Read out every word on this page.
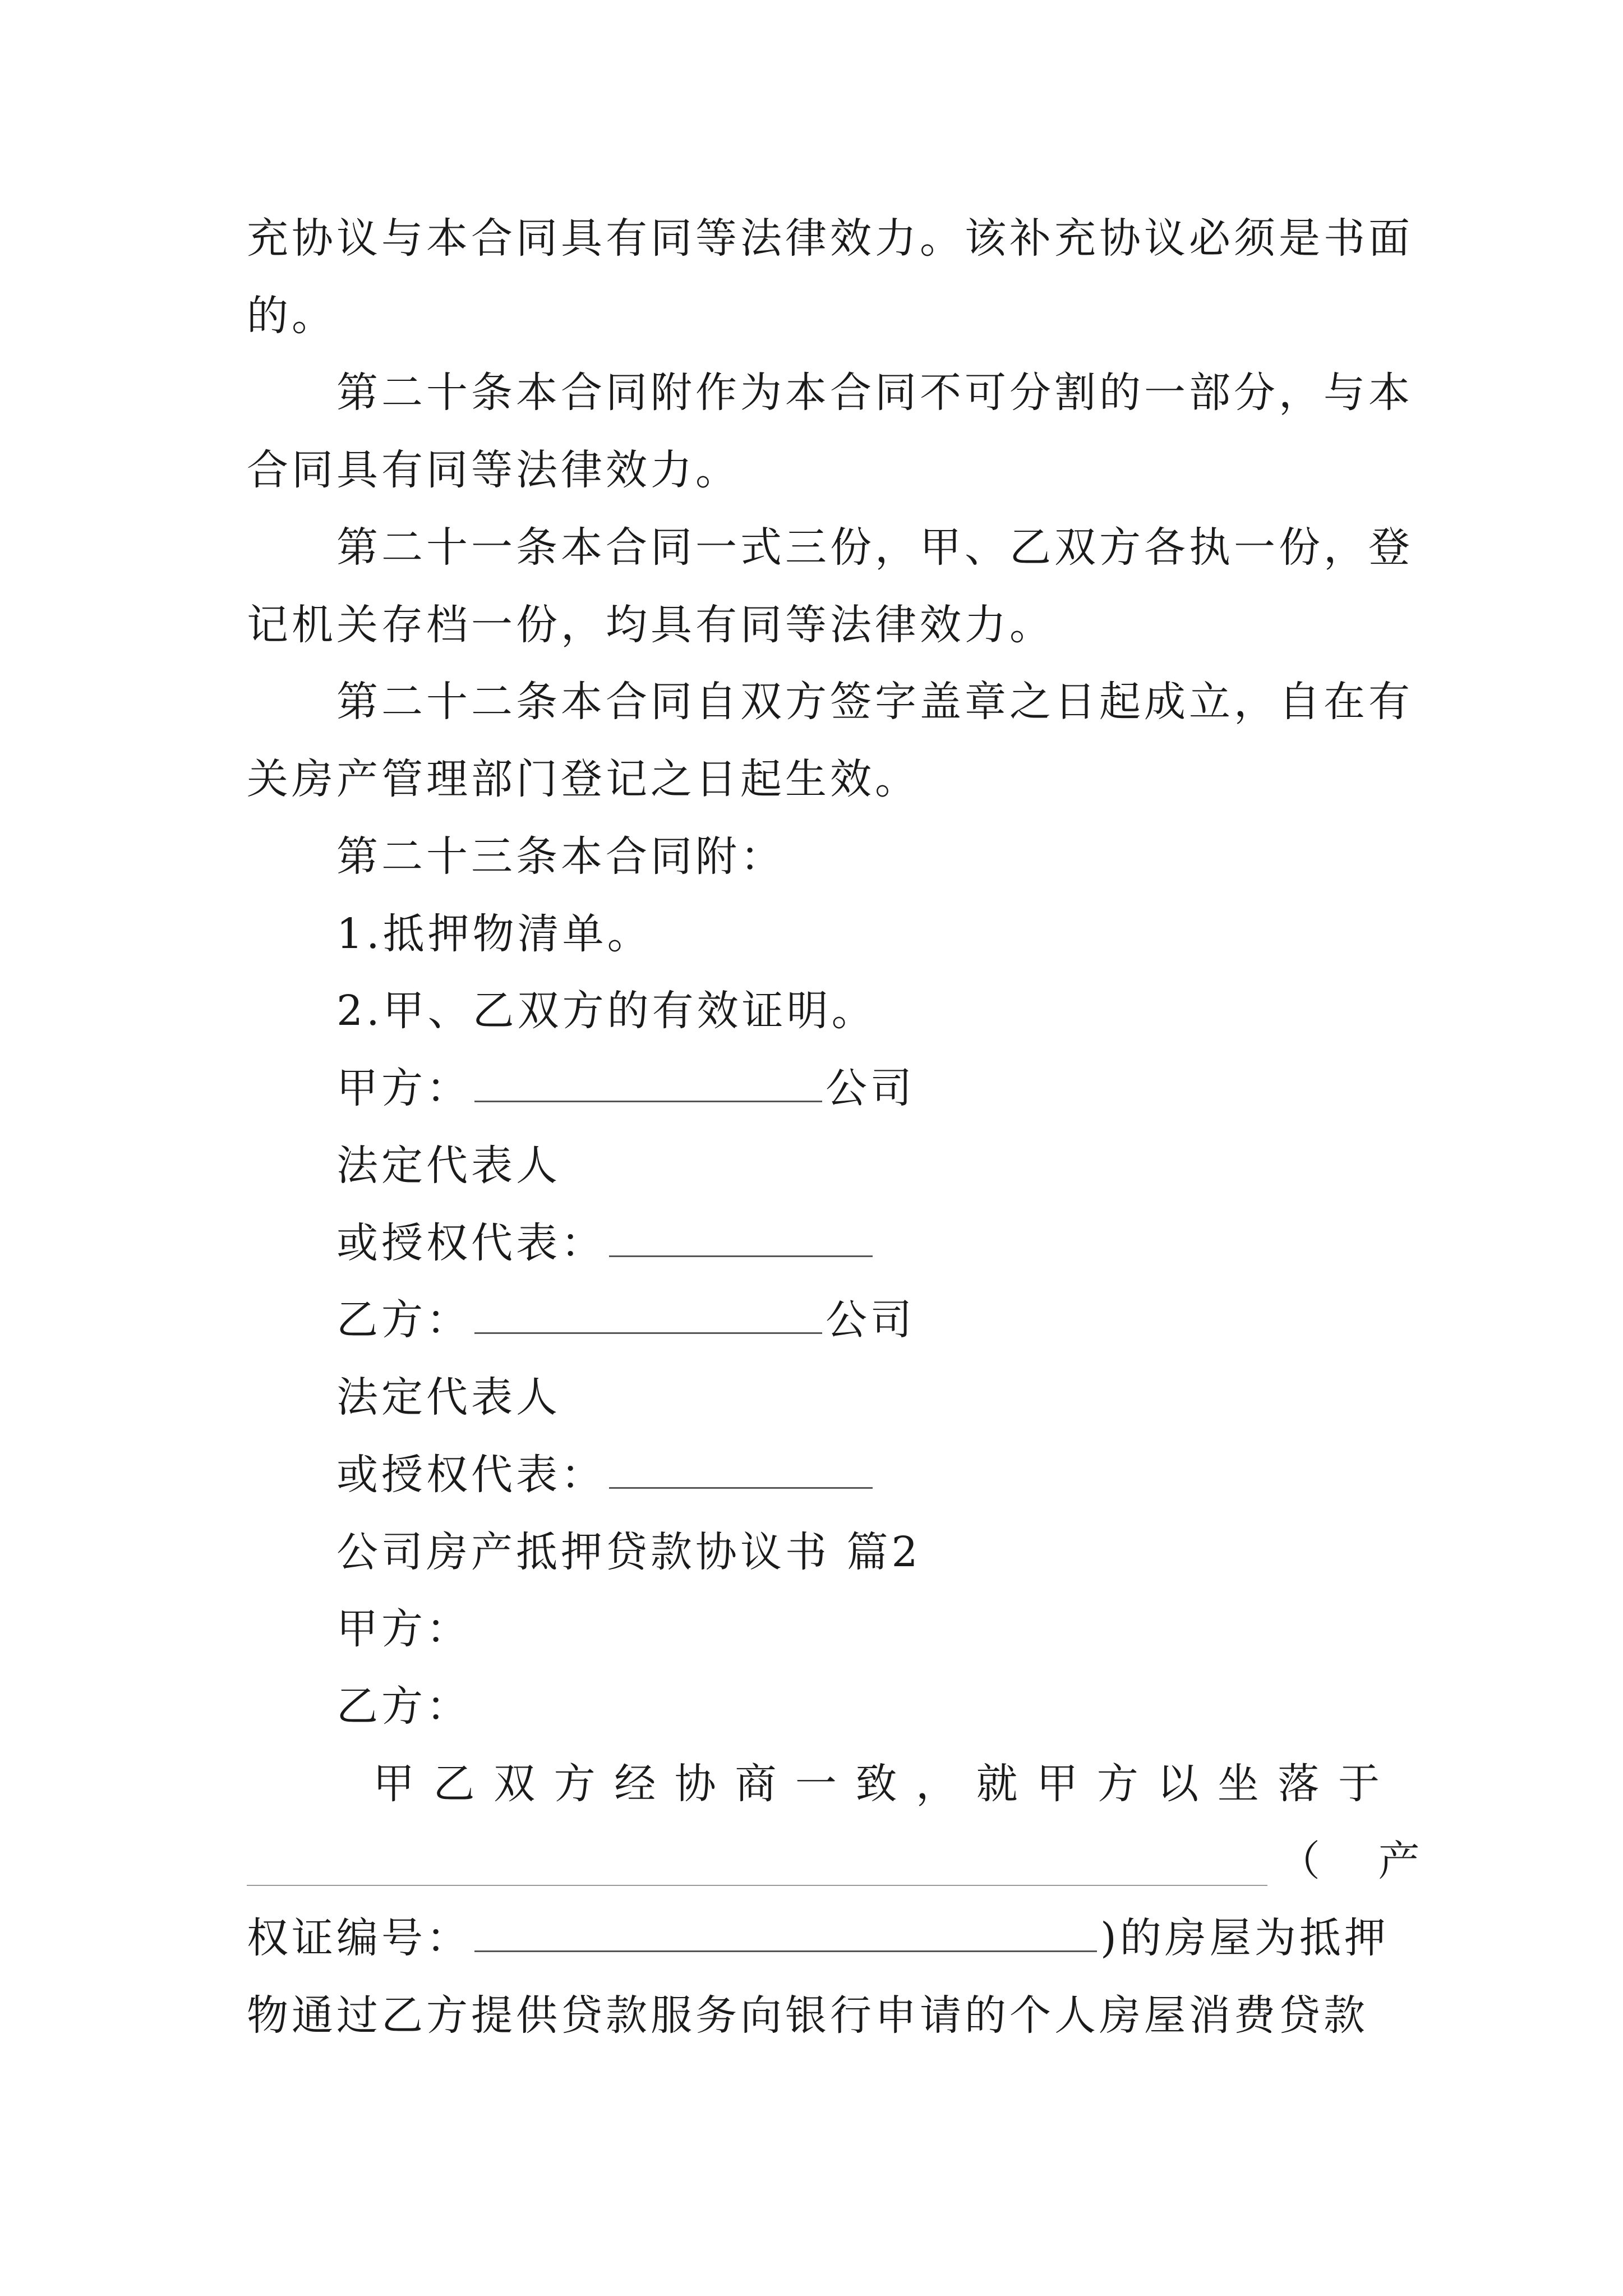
充协议与本合同具有同等法律效力。该补充协议必须是书面
的。
第二十条本合同附作为本合同不可分割的一部分，与本
合同具有同等法律效力。
第二十一条本合同一式三份，甲、乙双方各执一份，登
记机关存档一份，均具有同等法律效力。
第二十二条本合同自双方签字盖章之日起成立，自在有
关房产管理部门登记之日起生效。
第二十三条本合同附：
1.抵押物清单。
2.甲、乙双方的有效证明。
甲方：	公司
法定代表人
或授权代表：
乙方：	公司
法定代表人
或授权代表：
公司房产抵押贷款协议书 篇2
甲方：
乙方：
甲乙双方经协商一致，就甲方以坐落于
（ 产
权证编号：	)的房屋为抵押
物通过乙方提供贷款服务向银行申请的个人房屋消费贷款
